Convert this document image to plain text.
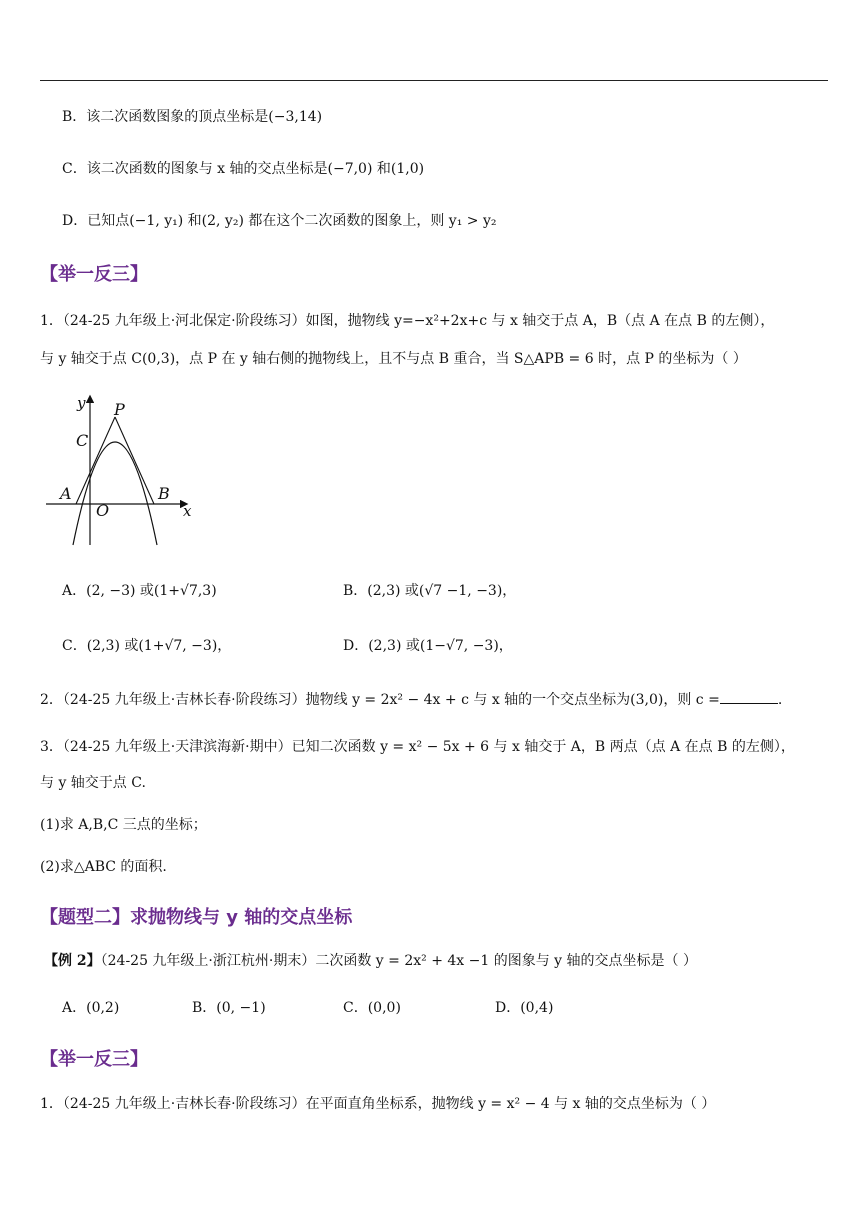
B．该二次函数图象的顶点坐标是(−3,14)
C．该二次函数的图象与 x 轴的交点坐标是(−7,0) 和(1,0)
D．已知点(−1, y₁) 和(2, y₂) 都在这个二次函数的图象上，则 y₁ > y₂
【举一反三】
1．（24-25 九年级上·河北保定·阶段练习）如图，抛物线 y=−x²+2x+c 与 x 轴交于点 A，B（点 A 在点 B 的左侧），
与 y 轴交于点 C(0,3)，点 P 在 y 轴右侧的抛物线上，且不与点 B 重合，当 S△APB = 6 时，点 P 的坐标为（ ）
y P
C
A
O
B
x
A．(2, −3) 或(1+√7,3)	B．(2,3) 或(√7 −1, −3)，
C．(2,3) 或(1+√7, −3)，	D．(2,3) 或(1−√7, −3)，
2．（24-25 九年级上·吉林长春·阶段练习）抛物线 y = 2x² − 4x + c 与 x 轴的一个交点坐标为(3,0)，则 c =	.
3．（24-25 九年级上·天津滨海新·期中）已知二次函数 y = x² − 5x + 6 与 x 轴交于 A，B 两点（点 A 在点 B 的左侧），
与 y 轴交于点 C.
(1)求 A,B,C 三点的坐标；
(2)求△ABC 的面积.
【题型二】求抛物线与 y 轴的交点坐标
【例 2】（24-25 九年级上·浙江杭州·期末）二次函数 y = 2x² + 4x −1 的图象与 y 轴的交点坐标是（ ）
A．(0,2)	B．(0, −1)	C．(0,0)	D．(0,4)
【举一反三】
1．（24-25 九年级上·吉林长春·阶段练习）在平面直角坐标系，抛物线 y = x² − 4 与 x 轴的交点坐标为（ ）
